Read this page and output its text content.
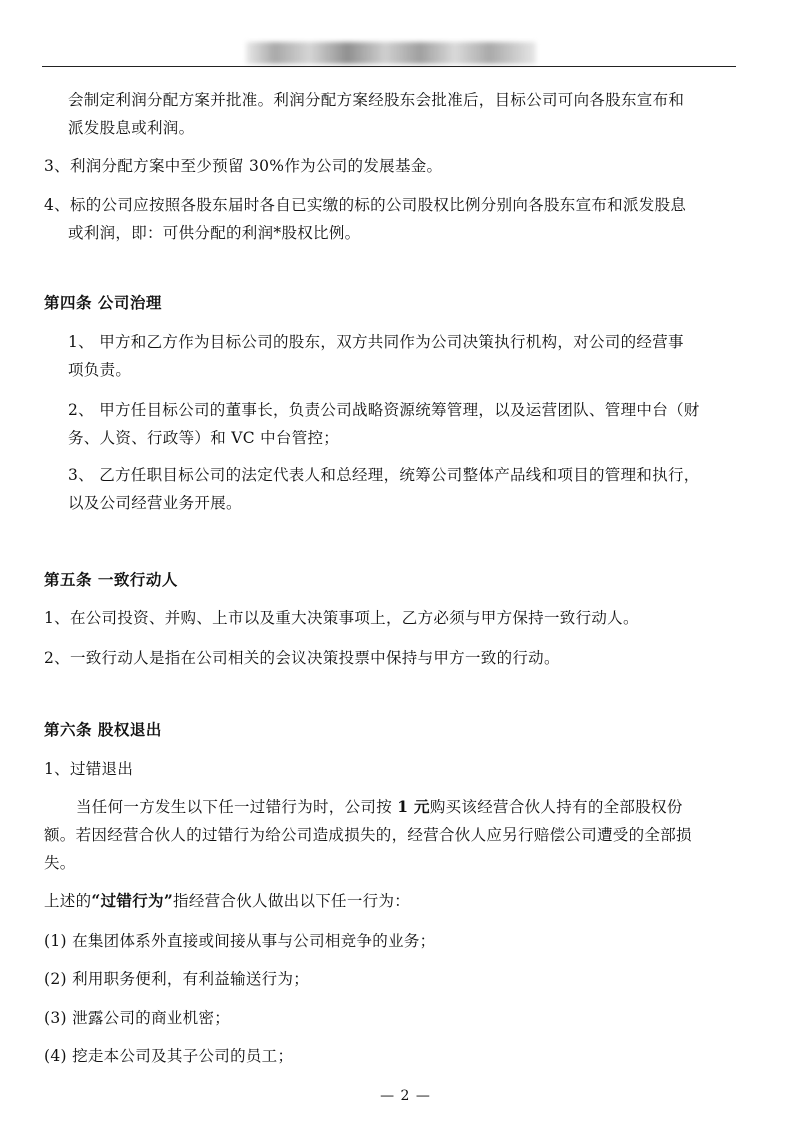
会制定利润分配方案并批准。利润分配方案经股东会批准后，目标公司可向各股东宣布和
派发股息或利润。
3、利润分配方案中至少预留 30%作为公司的发展基金。
4、标的公司应按照各股东届时各自已实缴的标的公司股权比例分别向各股东宣布和派发股息
或利润，即：可供分配的利润*股权比例。
第四条 公司治理
1、 甲方和乙方作为目标公司的股东，双方共同作为公司决策执行机构，对公司的经营事
项负责。
2、 甲方任目标公司的董事长，负责公司战略资源统筹管理，以及运营团队、管理中台（财
务、人资、行政等）和 VC 中台管控；
3、 乙方任职目标公司的法定代表人和总经理，统筹公司整体产品线和项目的管理和执行，
以及公司经营业务开展。
第五条 一致行动人
1、在公司投资、并购、上市以及重大决策事项上，乙方必须与甲方保持一致行动人。
2、一致行动人是指在公司相关的会议决策投票中保持与甲方一致的行动。
第六条 股权退出
1、过错退出
当任何一方发生以下任一过错行为时，公司按 1 元购买该经营合伙人持有的全部股权份
额。若因经营合伙人的过错行为给公司造成损失的，经营合伙人应另行赔偿公司遭受的全部损
失。
上述的“过错行为”指经营合伙人做出以下任一行为：
(1) 在集团体系外直接或间接从事与公司相竞争的业务；
(2) 利用职务便利，有利益输送行为；
(3) 泄露公司的商业机密；
(4) 挖走本公司及其子公司的员工；
— 2 —
